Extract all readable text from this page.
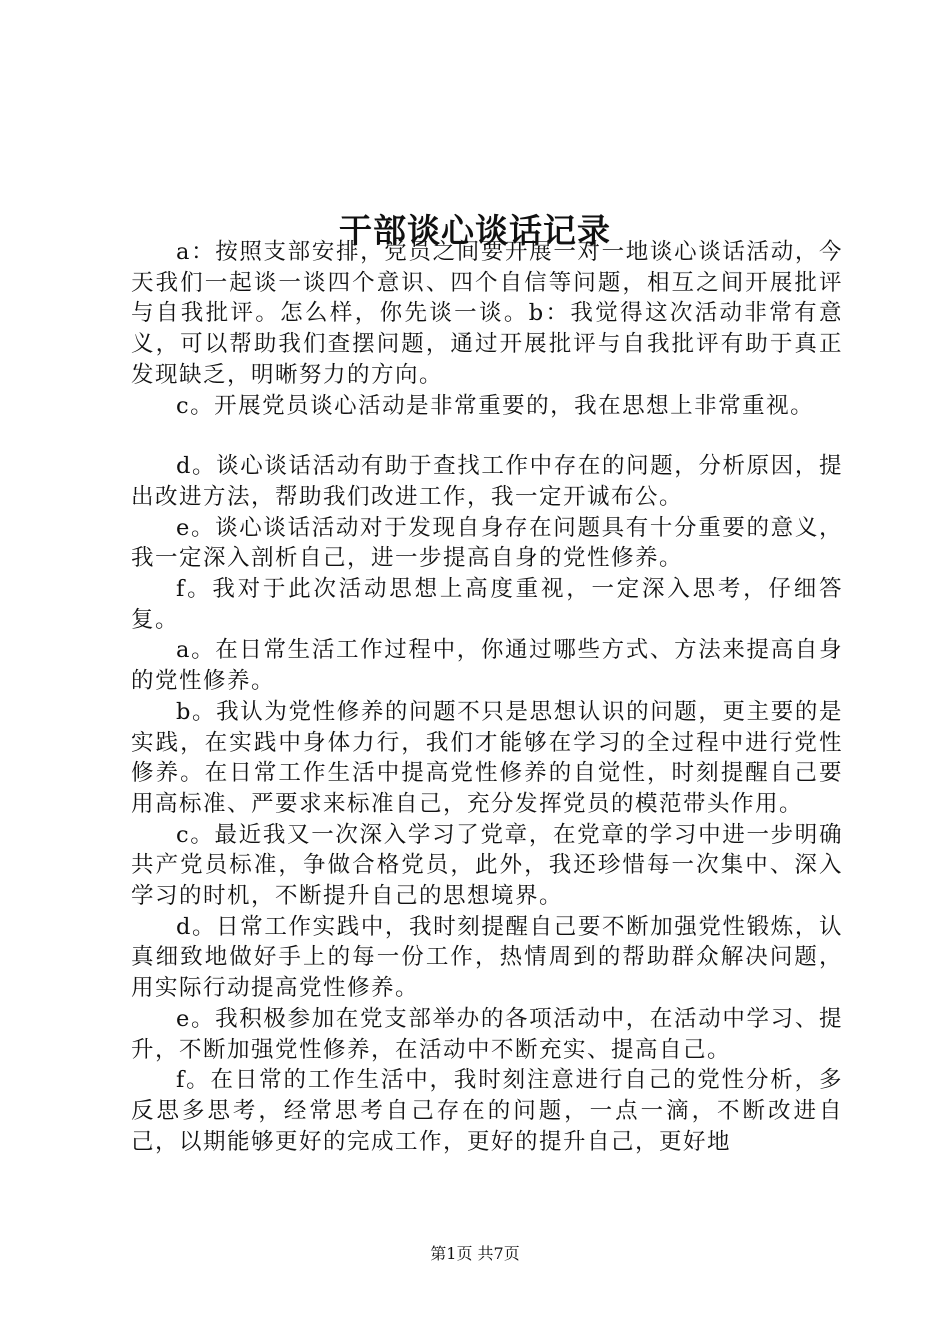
干部谈心谈话记录

a：按照支部安排，党员之间要开展一对一地谈心谈话活动，今天我们一起谈一谈四个意识、四个自信等问题，相互之间开展批评与自我批评。怎么样，你先谈一谈。b：我觉得这次活动非常有意义，可以帮助我们查摆问题，通过开展批评与自我批评有助于真正发现缺乏，明晰努力的方向。

c。开展党员谈心活动是非常重要的，我在思想上非常重视。

d。谈心谈话活动有助于查找工作中存在的问题，分析原因，提出改进方法，帮助我们改进工作，我一定开诚布公。

e。谈心谈话活动对于发现自身存在问题具有十分重要的意义，我一定深入剖析自己，进一步提高自身的党性修养。

f。我对于此次活动思想上高度重视，一定深入思考，仔细答复。

a。在日常生活工作过程中，你通过哪些方式、方法来提高自身的党性修养。

b。我认为党性修养的问题不只是思想认识的问题，更主要的是实践，在实践中身体力行，我们才能够在学习的全过程中进行党性修养。在日常工作生活中提高党性修养的自觉性，时刻提醒自己要用高标准、严要求来标准自己，充分发挥党员的模范带头作用。

c。最近我又一次深入学习了党章，在党章的学习中进一步明确共产党员标准，争做合格党员，此外，我还珍惜每一次集中、深入学习的时机，不断提升自己的思想境界。

d。日常工作实践中，我时刻提醒自己要不断加强党性锻炼，认真细致地做好手上的每一份工作，热情周到的帮助群众解决问题，用实际行动提高党性修养。

e。我积极参加在党支部举办的各项活动中，在活动中学习、提升，不断加强党性修养，在活动中不断充实、提高自己。

f。在日常的工作生活中，我时刻注意进行自己的党性分析，多反思多思考，经常思考自己存在的问题，一点一滴，不断改进自己，以期能够更好的完成工作，更好的提升自己，更好地

第1页 共7页
